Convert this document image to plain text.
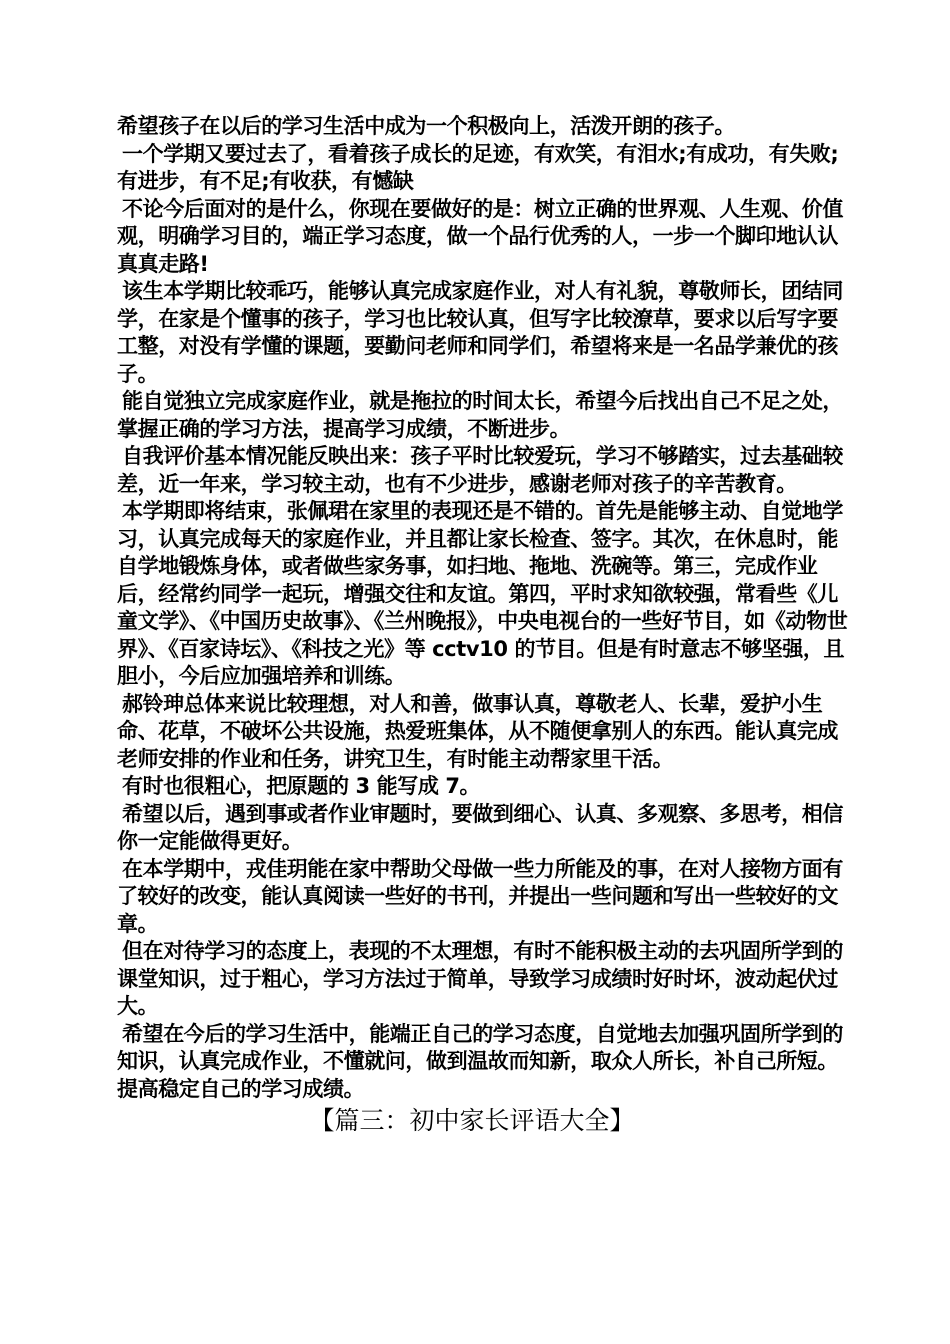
希望孩子在以后的学习生活中成为一个积极向上，活泼开朗的孩子。

一个学期又要过去了，看着孩子成长的足迹，有欢笑，有泪水;有成功，有失败;有进步，有不足;有收获，有憾缺

不论今后面对的是什么，你现在要做好的是：树立正确的世界观、人生观、价值观，明确学习目的，端正学习态度，做一个品行优秀的人，一步一个脚印地认认真真走路!

该生本学期比较乖巧，能够认真完成家庭作业，对人有礼貌，尊敬师长，团结同学，在家是个懂事的孩子，学习也比较认真，但写字比较潦草，要求以后写字要工整，对没有学懂的课题，要勤问老师和同学们，希望将来是一名品学兼优的孩子。

能自觉独立完成家庭作业，就是拖拉的时间太长，希望今后找出自己不足之处，掌握正确的学习方法，提高学习成绩，不断进步。

自我评价基本情况能反映出来：孩子平时比较爱玩，学习不够踏实，过去基础较差，近一年来，学习较主动，也有不少进步，感谢老师对孩子的辛苦教育。

本学期即将结束，张佩珺在家里的表现还是不错的。首先是能够主动、自觉地学习，认真完成每天的家庭作业，并且都让家长检查、签字。其次，在休息时，能自学地锻炼身体，或者做些家务事，如扫地、拖地、洗碗等。第三，完成作业后，经常约同学一起玩，增强交往和友谊。第四，平时求知欲较强，常看些《儿童文学》、《中国历史故事》、《兰州晚报》，中央电视台的一些好节目，如《动物世界》、《百家诗坛》、《科技之光》等 cctv10 的节目。但是有时意志不够坚强，且胆小，今后应加强培养和训练。

郝铃珅总体来说比较理想，对人和善，做事认真，尊敬老人、长辈，爱护小生命、花草，不破坏公共设施，热爱班集体，从不随便拿别人的东西。能认真完成老师安排的作业和任务，讲究卫生，有时能主动帮家里干活。

有时也很粗心，把原题的 3 能写成 7。

希望以后，遇到事或者作业审题时，要做到细心、认真、多观察、多思考，相信你一定能做得更好。

在本学期中，戎佳玥能在家中帮助父母做一些力所能及的事，在对人接物方面有了较好的改变，能认真阅读一些好的书刊，并提出一些问题和写出一些较好的文章。

但在对待学习的态度上，表现的不太理想，有时不能积极主动的去巩固所学到的课堂知识，过于粗心，学习方法过于简单，导致学习成绩时好时坏，波动起伏过大。

希望在今后的学习生活中，能端正自己的学习态度，自觉地去加强巩固所学到的知识，认真完成作业，不懂就问，做到温故而知新，取众人所长，补自己所短。提高稳定自己的学习成绩。

【篇三：初中家长评语大全】
